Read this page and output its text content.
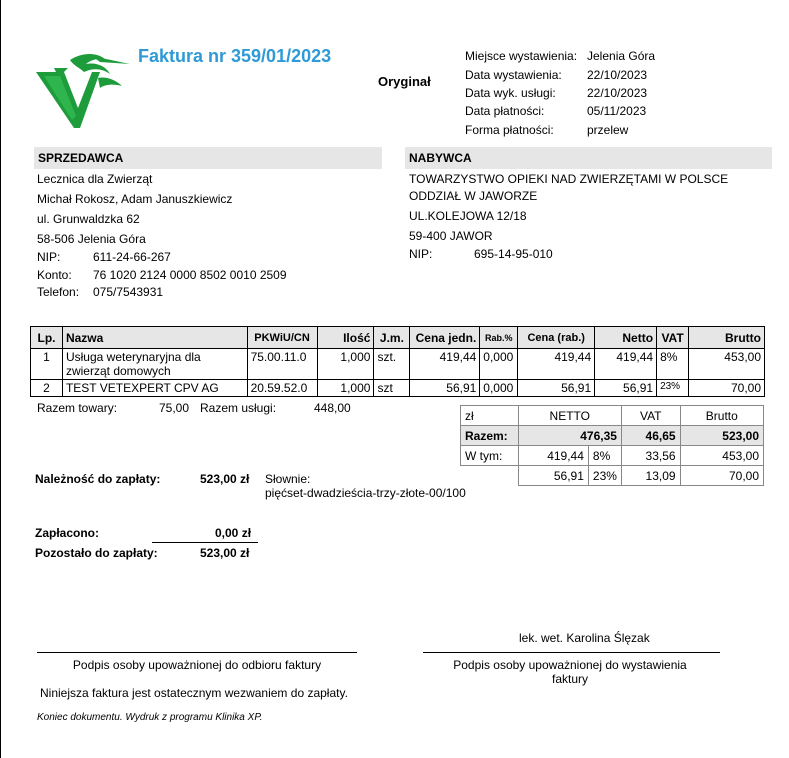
Faktura nr 359/01/2023
Oryginał
Miejsce wystawienia: Jelenia Góra
Data wystawienia: 22/10/2023
Data wyk. usługi:	22/10/2023
Data płatności:	05/11/2023
Forma płatności:	przelew
SPRZEDAWCA
Lecznica dla Zwierząt
Michał Rokosz, Adam Januszkiewicz
ul. Grunwaldzka 62
58-506 Jelenia Góra
NIP:	611-24-66-267
Konto: 76 1020 2124 0000 8502 0010 2509
Telefon: 075/7543931
NABYWCA
TOWARZYSTWO OPIEKI NAD ZWIERZĘTAMI W POLSCE
ODDZIAŁ W JAWORZE
UL.KOLEJOWA 12/18
59-400 JAWOR
NIP:	695-14-95-010
Lp.	Nazwa	PKWiU/CN	Ilość	J.m.	Cena jedn.	Rab.%	Cena (rab.)	Netto	VAT	Brutto
1	Usługa weterynaryjna dla zwierząt domowych	75.00.11.0	1,000	szt.	419,44	0,000	419,44	419,44	8%	453,00
2	TEST VETEXPERT CPV AG	20.59.52.0	1,000	szt	56,91	0,000	56,91	56,91	23%	70,00
Razem towary:	75,00 Razem usługi:	448,00
zł	NETTO		VAT	Brutto
Razem:	476,35		46,65	523,00
W tym:	419,44	8%	33,56	453,00
	56,91	23%	13,09	70,00
Należność do zapłaty:	523,00 zł Słownie:
pięćset-dwadzieścia-trzy-złote-00/100
Zapłacono:	0,00 zł
Pozostało do zapłaty:	523,00 zł
lek. wet. Karolina Ślęzak
Podpis osoby upoważnionej do odbioru faktury	Podpis osoby upoważnionej do wystawienia faktury
Niniejsza faktura jest ostatecznym wezwaniem do zapłaty.
Koniec dokumentu. Wydruk z programu Klinika XP.
